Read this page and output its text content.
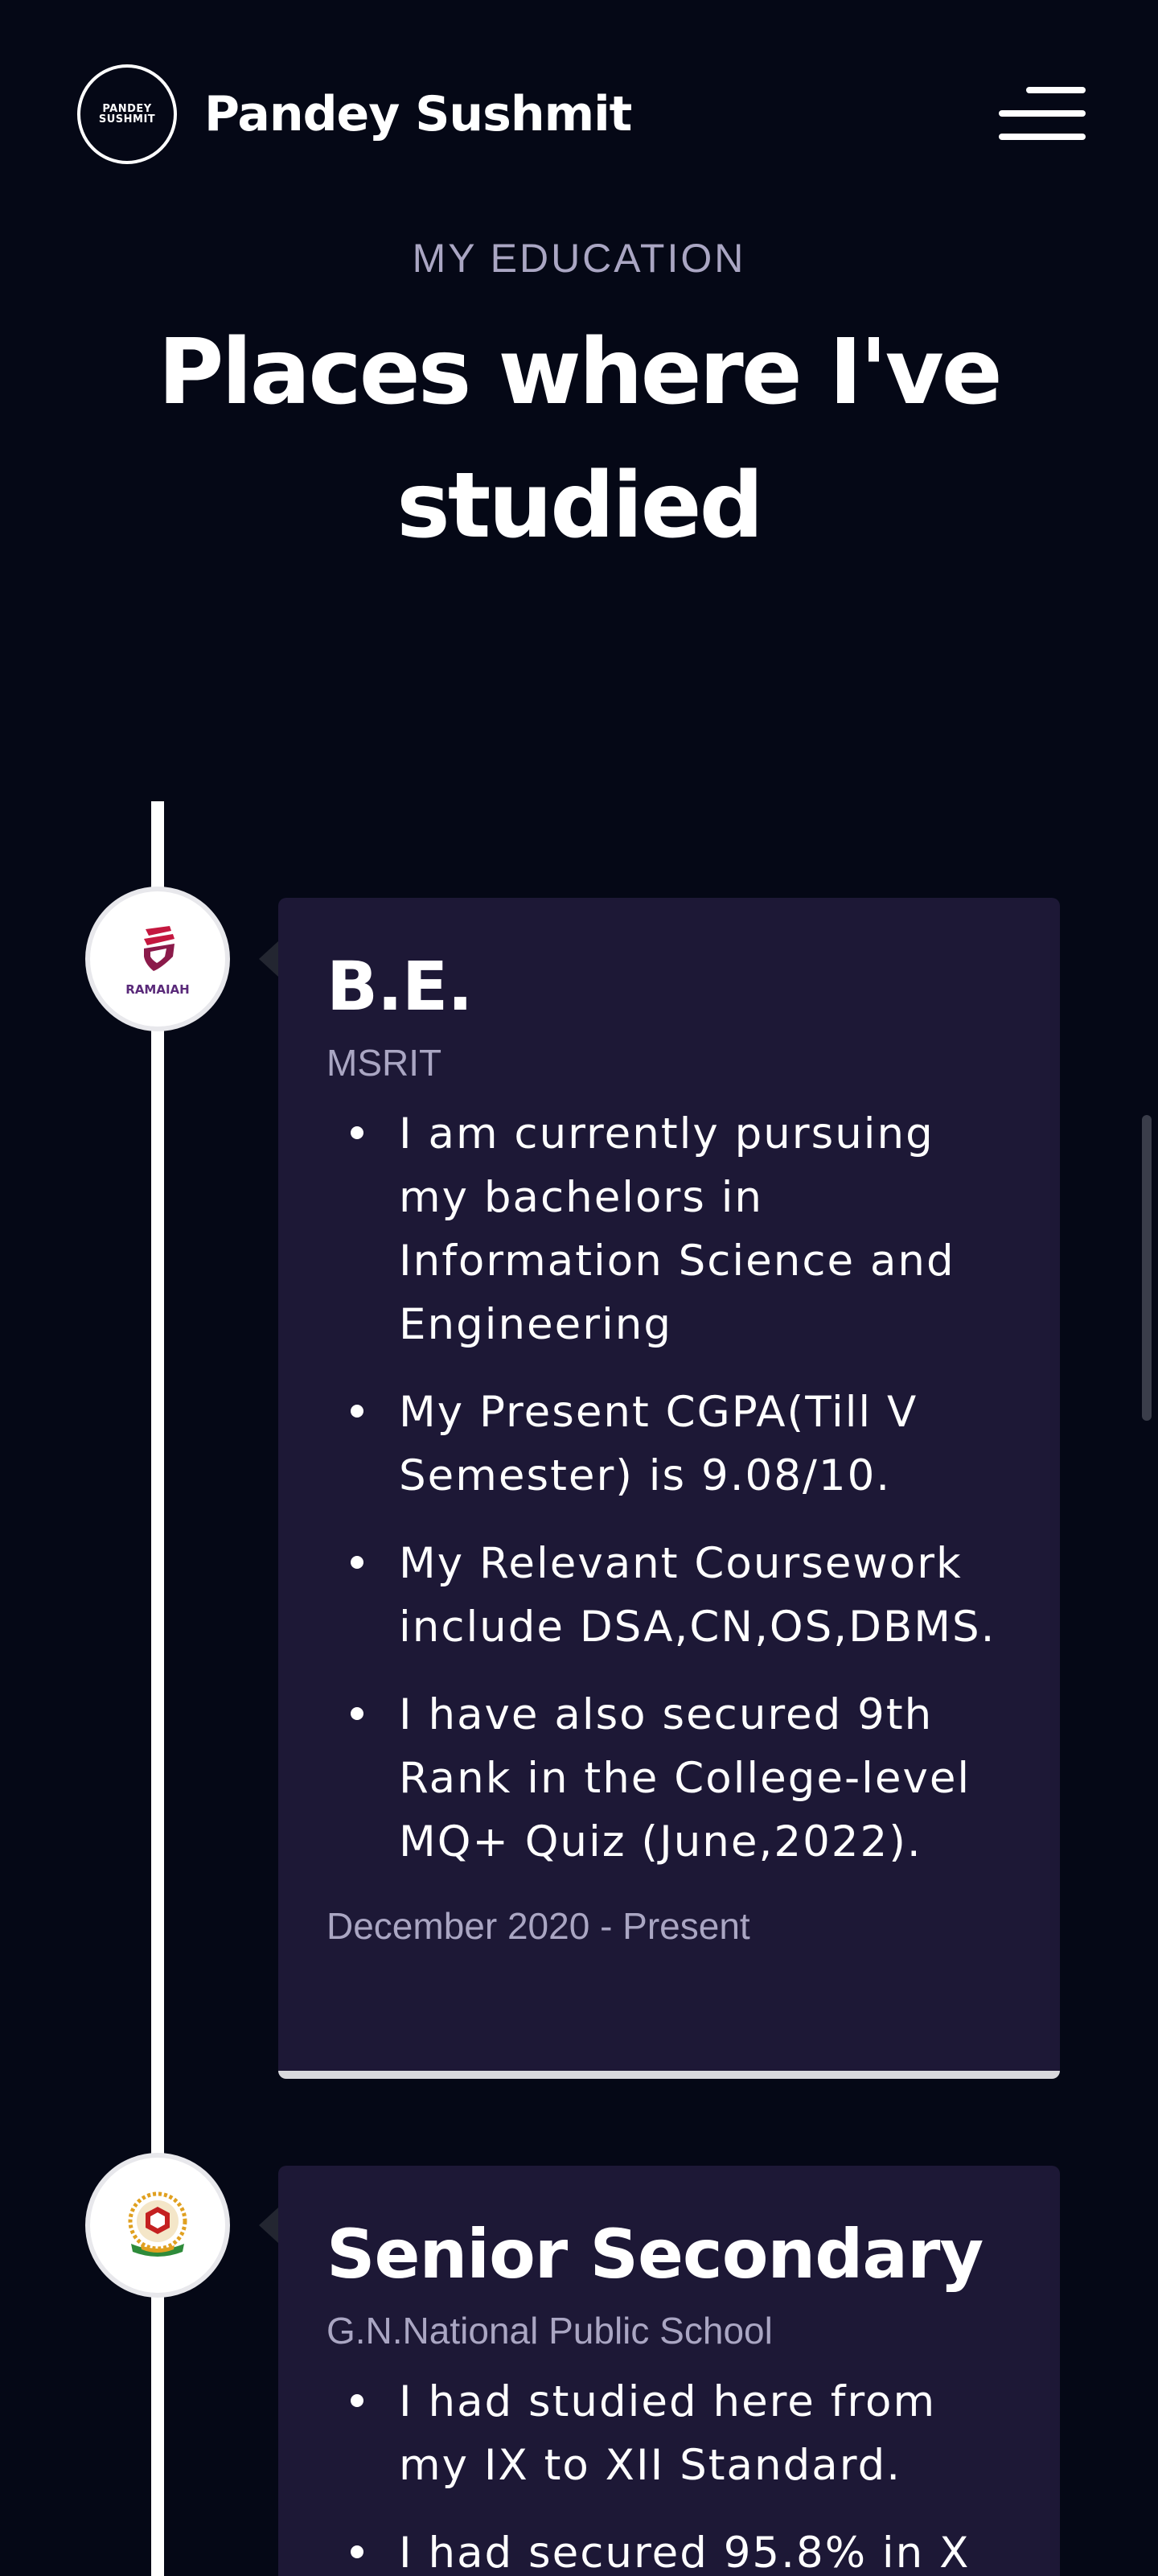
PANDEY
SUSHMIT Pandey Sushmit
MY EDUCATION
Places where I've studied
RAMAIAH B.E.
MSRIT
I am currently pursuing my bachelors in Information Science and Engineering
My Present CGPA(Till V Semester) is 9.08/10.
My Relevant Coursework include DSA,CN,OS,DBMS.
I have also secured 9th Rank in the College-level MQ+ Quiz (June,2022).
December 2020 - Present
Senior Secondary
G.N.National Public School
I had studied here from my IX to XII Standard.
I had secured 95.8% in X
